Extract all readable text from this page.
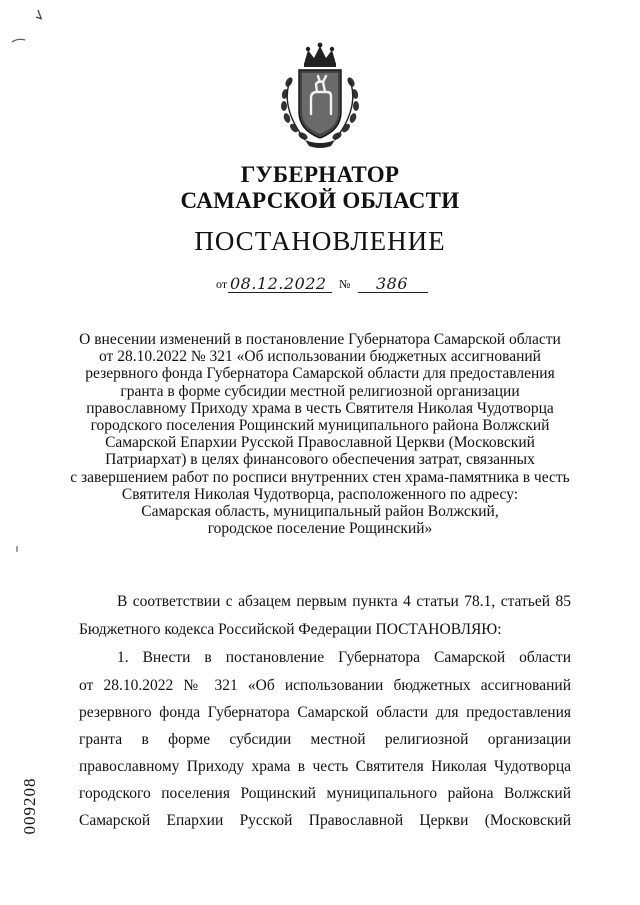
ГУБЕРНАТОР
САМАРСКОЙ ОБЛАСТИ
ПОСТАНОВЛЕНИЕ
от 08.12.2022 № 386
О внесении изменений в постановление Губернатора Самарской области
от 28.10.2022 № 321 «Об использовании бюджетных ассигнований
резервного фонда Губернатора Самарской области для предоставления
гранта в форме субсидии местной религиозной организации
православному Приходу храма в честь Святителя Николая Чудотворца
городского поселения Рощинский муниципального района Волжский
Самарской Епархии Русской Православной Церкви (Московский
Патриархат) в целях финансового обеспечения затрат, связанных
с завершением работ по росписи внутренних стен храма-памятника в честь
Святителя Николая Чудотворца, расположенного по адресу:
Самарская область, муниципальный район Волжский,
городское поселение Рощинский»
В соответствии с абзацем первым пункта 4 статьи 78.1, статьей 85
Бюджетного кодекса Российской Федерации ПОСТАНОВЛЯЮ:
1. Внести в постановление Губернатора Самарской области
от 28.10.2022 № 321 «Об использовании бюджетных ассигнований
резервного фонда Губернатора Самарской области для предоставления
гранта в форме субсидии местной религиозной организации
православному Приходу храма в честь Святителя Николая Чудотворца
городского поселения Рощинский муниципального района Волжский
Самарской Епархии Русской Православной Церкви (Московский
009208
